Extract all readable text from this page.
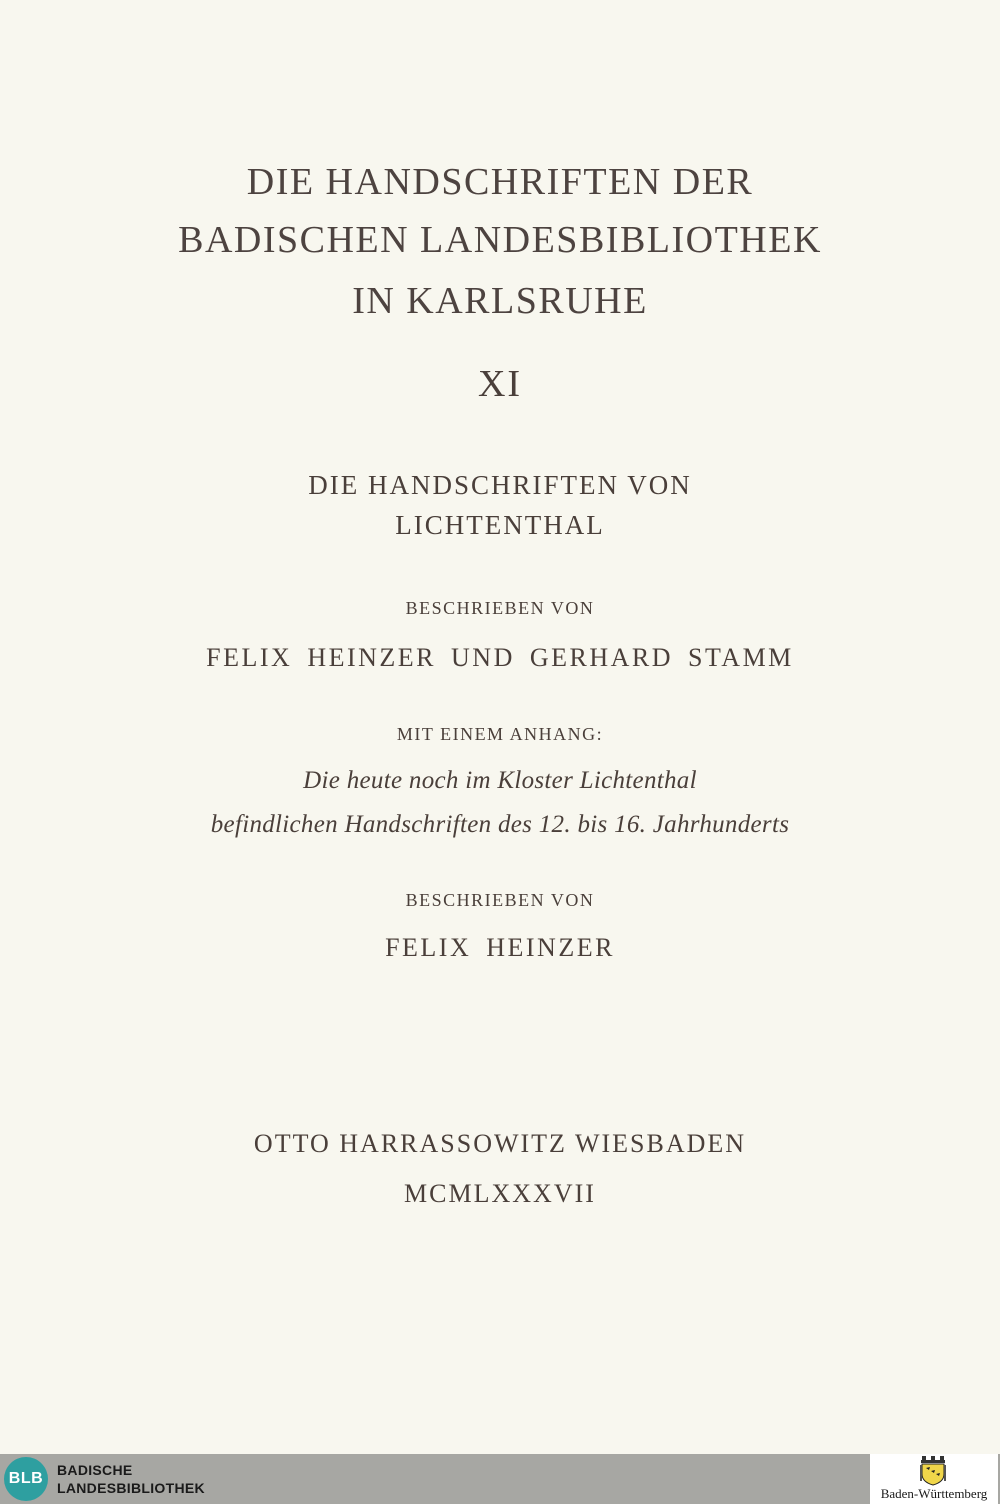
DIE HANDSCHRIFTEN DER
BADISCHEN LANDESBIBLIOTHEK
IN KARLSRUHE
XI
DIE HANDSCHRIFTEN VON
LICHTENTHAL
BESCHRIEBEN VON
FELIX HEINZER UND GERHARD STAMM
MIT EINEM ANHANG:
Die heute noch im Kloster Lichtenthal
befindlichen Handschriften des 12. bis 16. Jahrhunderts
BESCHRIEBEN VON
FELIX HEINZER
OTTO HARRASSOWITZ WIESBADEN
MCMLXXXVII
BLB BADISCHE
LANDESBIBLIOTHEK	Baden-Württemberg
